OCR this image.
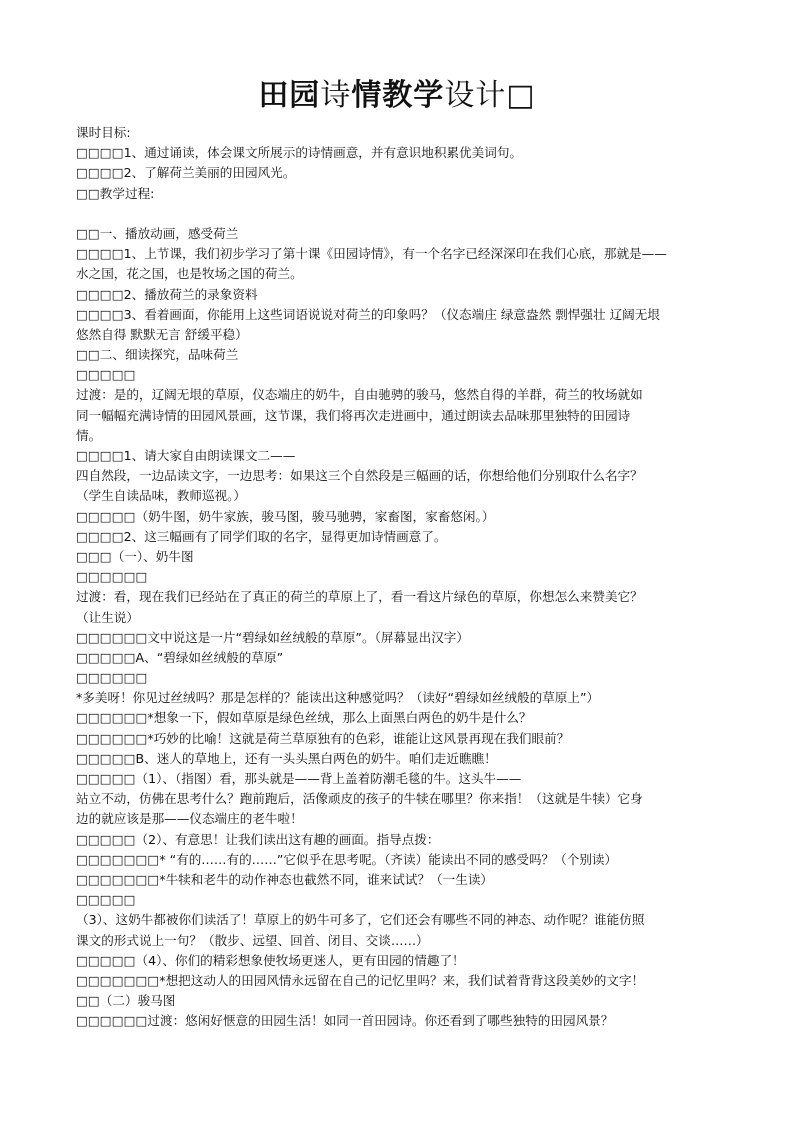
田园诗情教学设计□
课时目标:
□□□□1、通过诵读，体会课文所展示的诗情画意，并有意识地积累优美词句。
□□□□2、了解荷兰美丽的田园风光。
□□教学过程:
□□一、播放动画，感受荷兰
□□□□1、上节课，我们初步学习了第十课《田园诗情》，有一个名字已经深深印在我们心底，那就是——
水之国，花之国，也是牧场之国的荷兰。
□□□□2、播放荷兰的录象资料
□□□□3、看着画面，你能用上这些词语说说对荷兰的印象吗？（仪态端庄 绿意盎然 剽悍强壮 辽阔无垠
悠然自得 默默无言 舒缓平稳）
□□二、细读探究，品味荷兰
□□□□□
过渡：是的，辽阔无垠的草原，仪态端庄的奶牛，自由驰骋的骏马，悠然自得的羊群，荷兰的牧场就如
同一幅幅充满诗情的田园风景画，这节课，我们将再次走进画中，通过朗读去品味那里独特的田园诗
情。
□□□□1、请大家自由朗读课文二——
四自然段，一边品读文字，一边思考：如果这三个自然段是三幅画的话，你想给他们分别取什么名字？
（学生自读品味，教师巡视。）
□□□□□（奶牛图，奶牛家族，骏马图，骏马驰骋，家畜图，家畜悠闲。）
□□□□2、这三幅画有了同学们取的名字，显得更加诗情画意了。
□□□（一）、奶牛图
□□□□□□
过渡：看，现在我们已经站在了真正的荷兰的草原上了，看一看这片绿色的草原，你想怎么来赞美它？
（让生说）
□□□□□□文中说这是一片“碧绿如丝绒般的草原”。（屏幕显出汉字）
□□□□□A、“碧绿如丝绒般的草原”
□□□□□□
*多美呀！你见过丝绒吗？那是怎样的？能读出这种感觉吗？（读好“碧绿如丝绒般的草原上”）
□□□□□□*想象一下，假如草原是绿色丝绒，那么上面黑白两色的奶牛是什么？
□□□□□□*巧妙的比喻！这就是荷兰草原独有的色彩，谁能让这风景再现在我们眼前？
□□□□□B、迷人的草地上，还有一头头黑白两色的奶牛。咱们走近瞧瞧！
□□□□□（1）、（指图）看，那头就是——背上盖着防潮毛毯的牛。这头牛——
站立不动，仿佛在思考什么？跑前跑后，活像顽皮的孩子的牛犊在哪里？你来指！（这就是牛犊）它身
边的就应该是那——仪态端庄的老牛啦！
□□□□□（2）、有意思！让我们读出这有趣的画面。指导点拨：
□□□□□□□* “有的……有的……”它似乎在思考呢。（齐读）能读出不同的感受吗？（个别读）
□□□□□□□*牛犊和老牛的动作神态也截然不同，谁来试试？（一生读）
□□□□□
（3）、这奶牛都被你们读活了！草原上的奶牛可多了，它们还会有哪些不同的神态、动作呢？谁能仿照
课文的形式说上一句？（散步、远望、回首、闭目、交谈……）
□□□□□（4）、你们的精彩想象使牧场更迷人，更有田园的情趣了！
□□□□□□□*想把这动人的田园风情永远留在自己的记忆里吗？来，我们试着背背这段美妙的文字！
□□（二）骏马图
□□□□□□过渡：悠闲好惬意的田园生活！如同一首田园诗。你还看到了哪些独特的田园风景？
